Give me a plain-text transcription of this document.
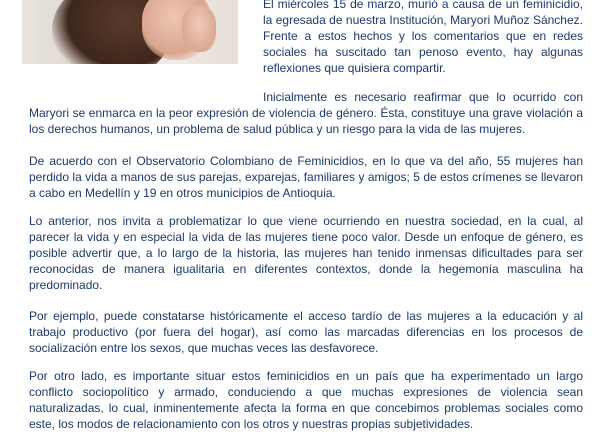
El miércoles 15 de marzo, murió a causa de un feminicidio, la egresada de nuestra Institución, Maryori Muñoz Sánchez. Frente a estos hechos y los comentarios que en redes sociales ha suscitado tan penoso evento, hay algunas reflexiones que quisiera compartir.

Inicialmente es necesario reafirmar que lo ocurrido con Maryori se enmarca en la peor expresión de violencia de género. Ésta, constituye una grave violación a los derechos humanos, un problema de salud pública y un riesgo para la vida de las mujeres.

De acuerdo con el Observatorio Colombiano de Feminicidios, en lo que va del año, 55 mujeres han perdido la vida a manos de sus parejas, exparejas, familiares y amigos; 5 de estos crímenes se llevaron a cabo en Medellín y 19 en otros municipios de Antioquia.

Lo anterior, nos invita a problematizar lo que viene ocurriendo en nuestra sociedad, en la cual, al parecer la vida y en especial la vida de las mujeres tiene poco valor. Desde un enfoque de género, es posible advertir que, a lo largo de la historia, las mujeres han tenido inmensas dificultades para ser reconocidas de manera igualitaria en diferentes contextos, donde la hegemonía masculina ha predominado.

Por ejemplo, puede constatarse históricamente el acceso tardío de las mujeres a la educación y al trabajo productivo (por fuera del hogar), así como las marcadas diferencias en los procesos de socialización entre los sexos, que muchas veces las desfavorece.

Por otro lado, es importante situar estos feminicidios en un país que ha experimentado un largo conflicto sociopolítico y armado, conduciendo a que muchas expresiones de violencia sean naturalizadas, lo cual, inminentemente afecta la forma en que concebimos problemas sociales como este, los modos de relacionamiento con los otros y nuestras propias subjetividades.
